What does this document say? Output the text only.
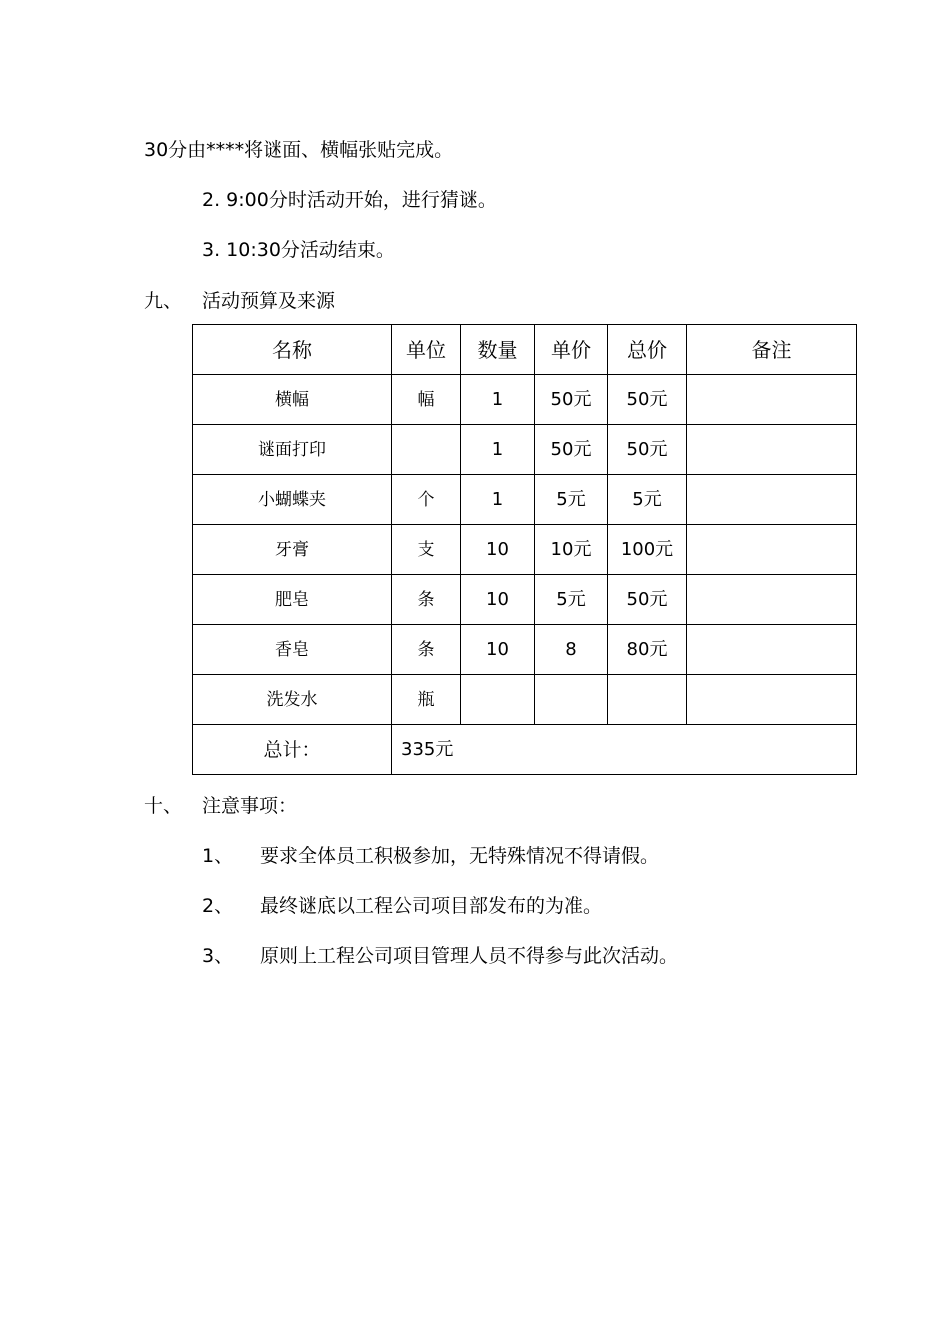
30分由****将谜面、横幅张贴完成。
2. 9:00分时活动开始，进行猜谜。
3. 10:30分活动结束。
九、 活动预算及来源
名称	单位	数量	单价	总价	备注
横幅	幅	1	50元	50元	
谜面打印		1	50元	50元	
小蝴蝶夹	个	1	5元	5元	
牙膏	支	10	10元	100元	
肥皂	条	10	5元	50元	
香皂	条	10	8	80元	
洗发水	瓶				
总计：	335元				
十、 注意事项：
1、 要求全体员工积极参加，无特殊情况不得请假。
2、 最终谜底以工程公司项目部发布的为准。
3、 原则上工程公司项目管理人员不得参与此次活动。
